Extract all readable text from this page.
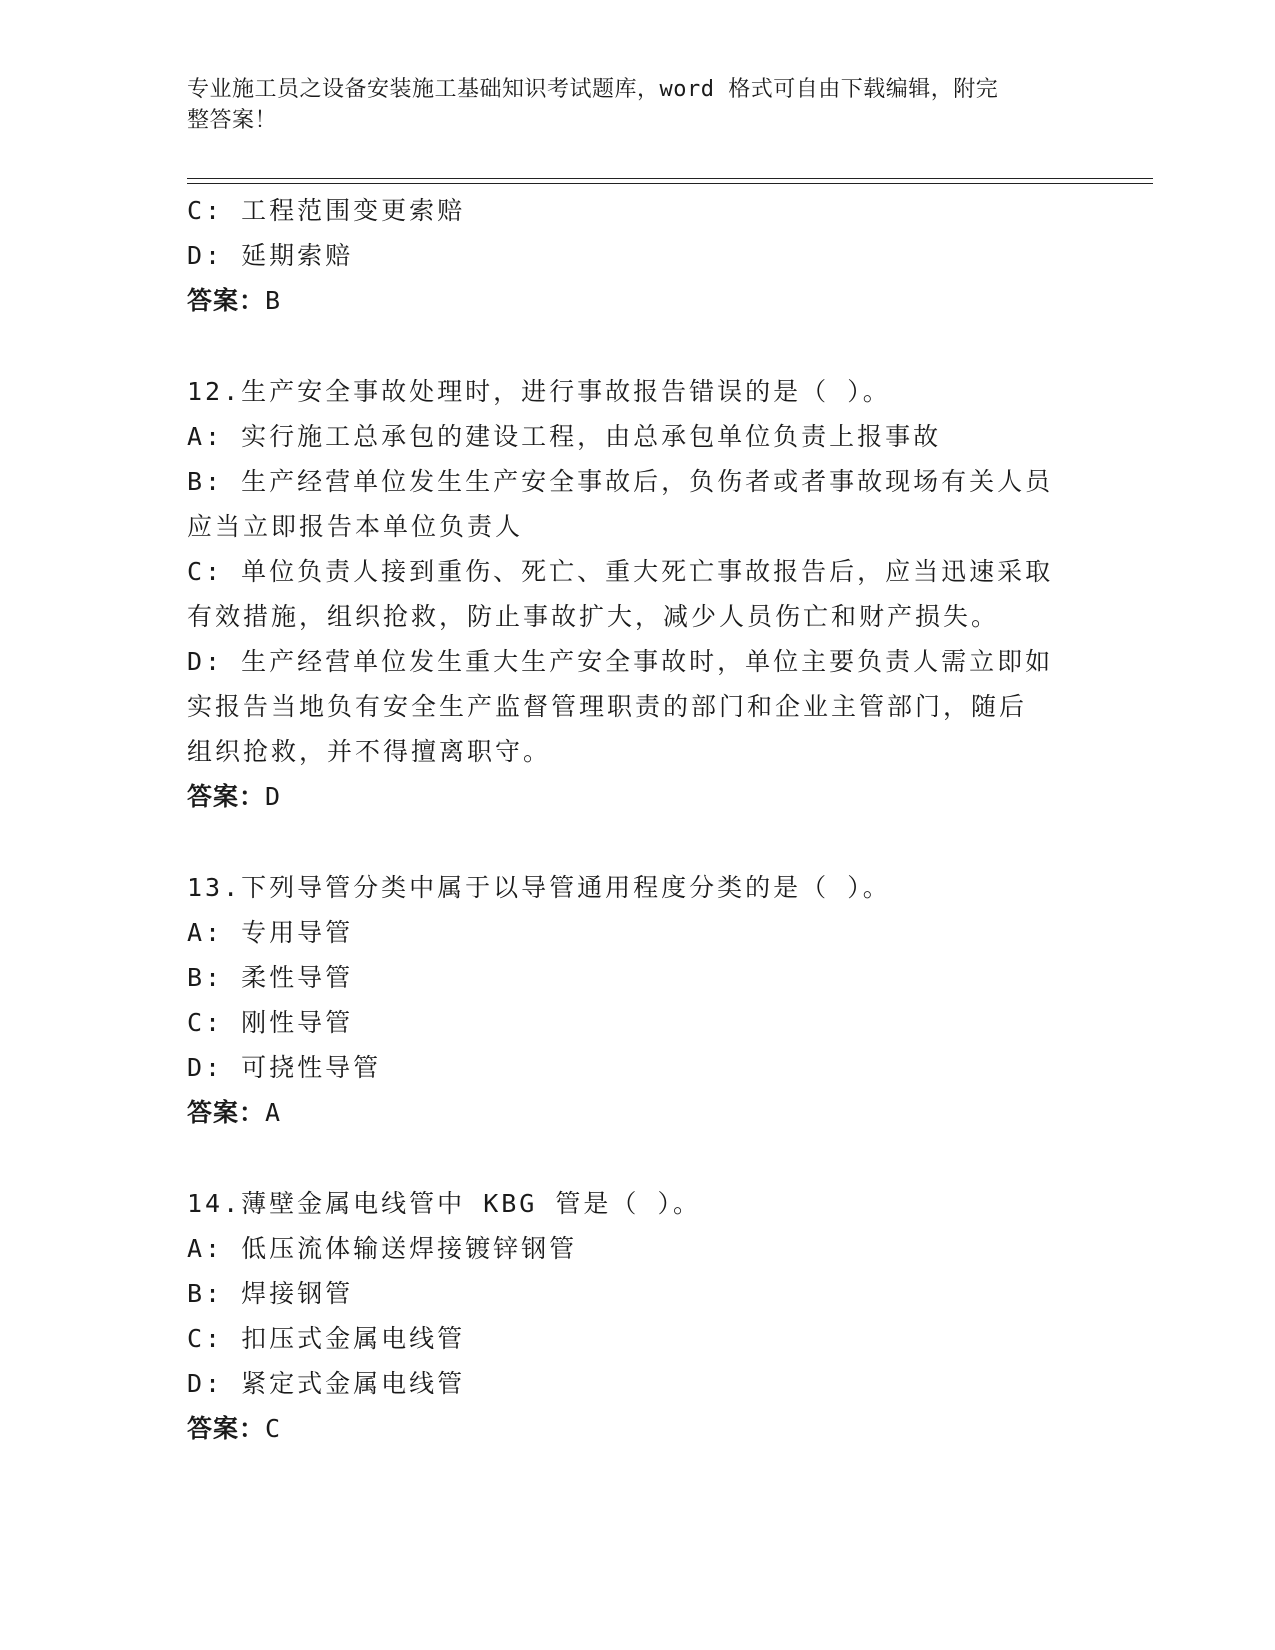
专业施工员之设备安装施工基础知识考试题库，word 格式可自由下载编辑，附完
整答案！
C: 工程范围变更索赔
D: 延期索赔
答案：B
12.生产安全事故处理时，进行事故报告错误的是（ ）。
A: 实行施工总承包的建设工程，由总承包单位负责上报事故
B: 生产经营单位发生生产安全事故后，负伤者或者事故现场有关人员
应当立即报告本单位负责人
C: 单位负责人接到重伤、死亡、重大死亡事故报告后，应当迅速采取
有效措施，组织抢救，防止事故扩大，减少人员伤亡和财产损失。
D: 生产经营单位发生重大生产安全事故时，单位主要负责人需立即如
实报告当地负有安全生产监督管理职责的部门和企业主管部门，随后
组织抢救，并不得擅离职守。
答案：D
13.下列导管分类中属于以导管通用程度分类的是（ ）。
A: 专用导管
B: 柔性导管
C: 刚性导管
D: 可挠性导管
答案：A
14.薄壁金属电线管中 KBG 管是（ ）。
A: 低压流体输送焊接镀锌钢管
B: 焊接钢管
C: 扣压式金属电线管
D: 紧定式金属电线管
答案：C
